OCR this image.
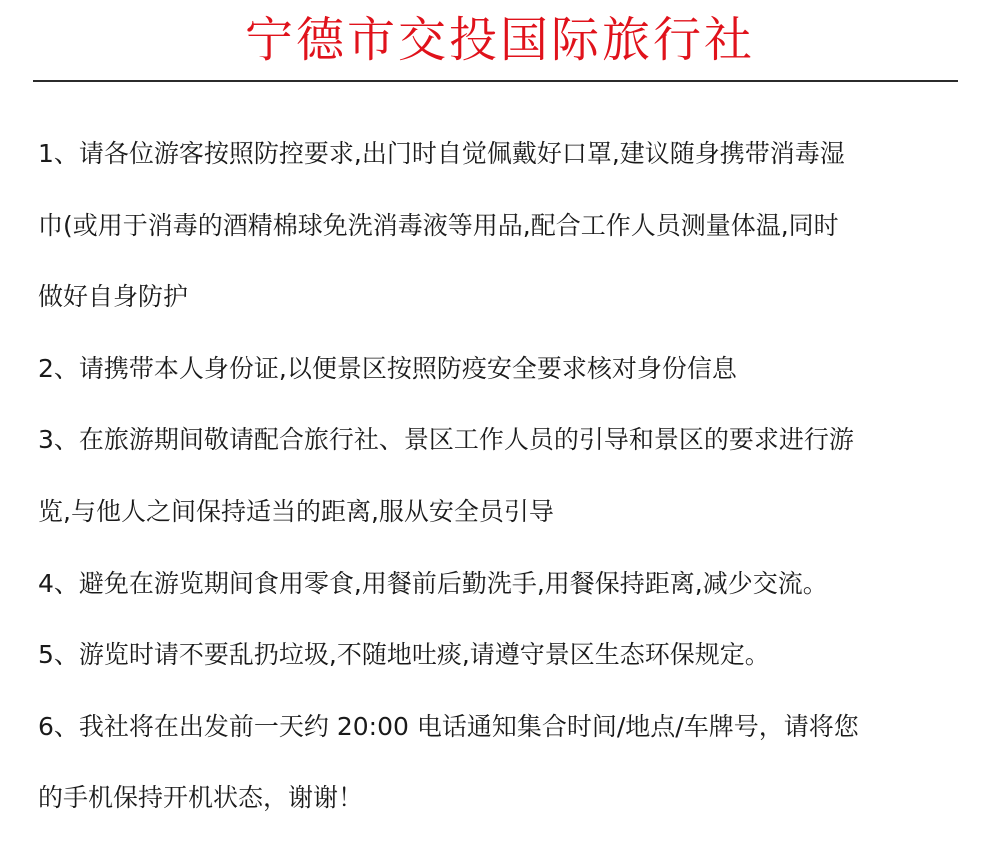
宁德市交投国际旅行社
1、请各位游客按照防控要求,出门时自觉佩戴好口罩,建议随身携带消毒湿
巾(或用于消毒的酒精棉球免洗消毒液等用品,配合工作人员测量体温,同时
做好自身防护
2、请携带本人身份证,以便景区按照防疫安全要求核对身份信息
3、在旅游期间敬请配合旅行社、景区工作人员的引导和景区的要求进行游
览,与他人之间保持适当的距离,服从安全员引导
4、避免在游览期间食用零食,用餐前后勤洗手,用餐保持距离,减少交流。
5、游览时请不要乱扔垃圾,不随地吐痰,请遵守景区生态环保规定。
6、我社将在出发前一天约 20:00 电话通知集合时间/地点/车牌号，请将您
的手机保持开机状态，谢谢！
